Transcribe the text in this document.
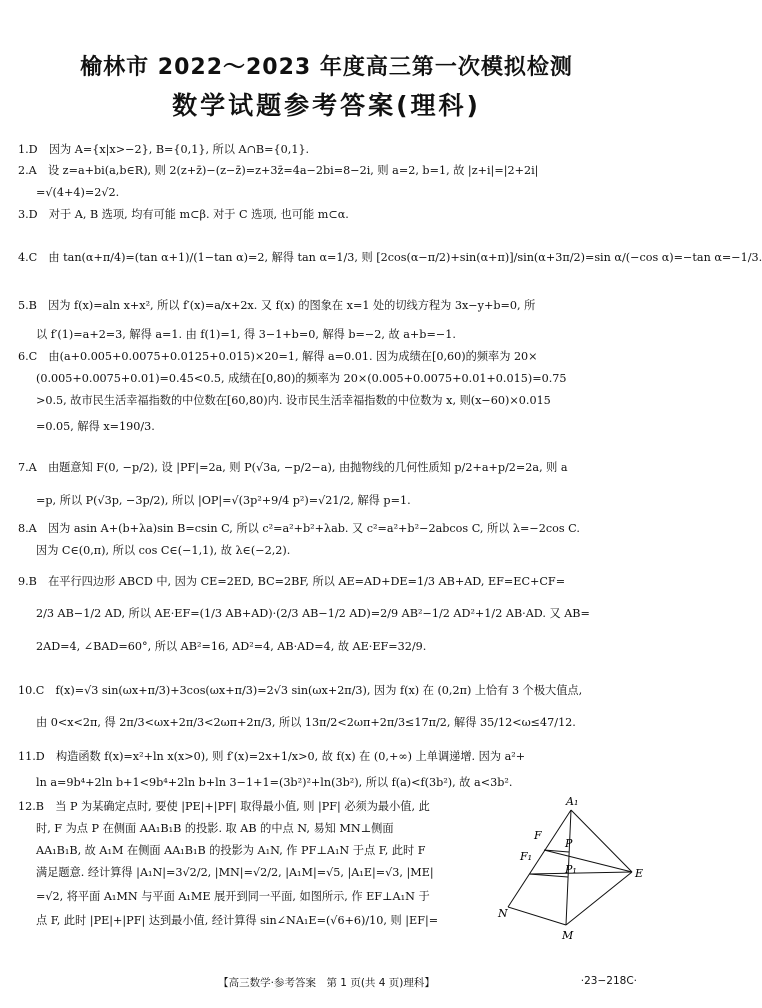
榆林市 2022～2023 年度高三第一次模拟检测
数学试题参考答案(理科)
1.D　因为 A={x|x>−2}, B={0,1}, 所以 A∩B={0,1}.
2.A　设 z=a+bi(a,b∈R), 则 2(z+z̄)−(z−z̄)=z+3z̄=4a−2bi=8−2i, 则 a=2, b=1, 故 |z+i|=|2+2i|
=√(4+4)=2√2.
3.D　对于 A, B 选项, 均有可能 m⊂β. 对于 C 选项, 也可能 m⊂α.
4.C　由 tan(α+π/4)=(tan α+1)/(1−tan α)=2, 解得 tan α=1/3, 则 [2cos(α−π/2)+sin(α+π)]/sin(α+3π/2)=sin α/(−cos α)=−tan α=−1/3.
5.B　因为 f(x)=aln x+x², 所以 f′(x)=a/x+2x. 又 f(x) 的图象在 x=1 处的切线方程为 3x−y+b=0, 所
以 f′(1)=a+2=3, 解得 a=1. 由 f(1)=1, 得 3−1+b=0, 解得 b=−2, 故 a+b=−1.
6.C　由(a+0.005+0.0075+0.0125+0.015)×20=1, 解得 a=0.01. 因为成绩在[0,60)的频率为 20×
(0.005+0.0075+0.01)=0.45<0.5, 成绩在[0,80)的频率为 20×(0.005+0.0075+0.01+0.015)=0.75
>0.5, 故市民生活幸福指数的中位数在[60,80)内. 设市民生活幸福指数的中位数为 x, 则(x−60)×0.015
=0.05, 解得 x=190/3.
7.A　由题意知 F(0, −p/2), 设 |PF|=2a, 则 P(√3a, −p/2−a), 由抛物线的几何性质知 p/2+a+p/2=2a, 则 a
=p, 所以 P(√3p, −3p/2), 所以 |OP|=√(3p²+9/4 p²)=√21/2, 解得 p=1.
8.A　因为 asin A+(b+λa)sin B=csin C, 所以 c²=a²+b²+λab. 又 c²=a²+b²−2abcos C, 所以 λ=−2cos C.
因为 C∈(0,π), 所以 cos C∈(−1,1), 故 λ∈(−2,2).
9.B　在平行四边形 ABCD 中, 因为 CE=2ED, BC=2BF, 所以 AE=AD+DE=1/3 AB+AD, EF=EC+CF=
2/3 AB−1/2 AD, 所以 AE·EF=(1/3 AB+AD)·(2/3 AB−1/2 AD)=2/9 AB²−1/2 AD²+1/2 AB·AD. 又 AB=
2AD=4, ∠BAD=60°, 所以 AB²=16, AD²=4, AB·AD=4, 故 AE·EF=32/9.
10.C　f(x)=√3 sin(ωx+π/3)+3cos(ωx+π/3)=2√3 sin(ωx+2π/3), 因为 f(x) 在 (0,2π) 上恰有 3 个极大值点,
由 0<x<2π, 得 2π/3<ωx+2π/3<2ωπ+2π/3, 所以 13π/2<2ωπ+2π/3≤17π/2, 解得 35/12<ω≤47/12.
11.D　构造函数 f(x)=x²+ln x(x>0), 则 f′(x)=2x+1/x>0, 故 f(x) 在 (0,+∞) 上单调递增. 因为 a²+
ln a=9b⁴+2ln b+1<9b⁴+2ln b+ln 3−1+1=(3b²)²+ln(3b²), 所以 f(a)<f(3b²), 故 a<3b².
12.B　当 P 为某确定点时, 要使 |PE|+|PF| 取得最小值, 则 |PF| 必须为最小值, 此
时, F 为点 P 在侧面 AA₁B₁B 的投影. 取 AB 的中点 N, 易知 MN⊥侧面
AA₁B₁B, 故 A₁M 在侧面 AA₁B₁B 的投影为 A₁N, 作 PF⊥A₁N 于点 F, 此时 F
满足题意. 经计算得 |A₁N|=3√2/2, |MN|=√2/2, |A₁M|=√5, |A₁E|=√3, |ME|
=√2, 将平面 A₁MN 与平面 A₁ME 展开到同一平面, 如图所示, 作 EF⊥A₁N 于
点 F, 此时 |PE|+|PF| 达到最小值, 经计算得 sin∠NA₁E=(√6+6)/10, 则 |EF|=
A₁
F
F₁
P
P₁	E
N
M
【高三数学·参考答案　第 1 页(共 4 页)理科】	·23−218C·
